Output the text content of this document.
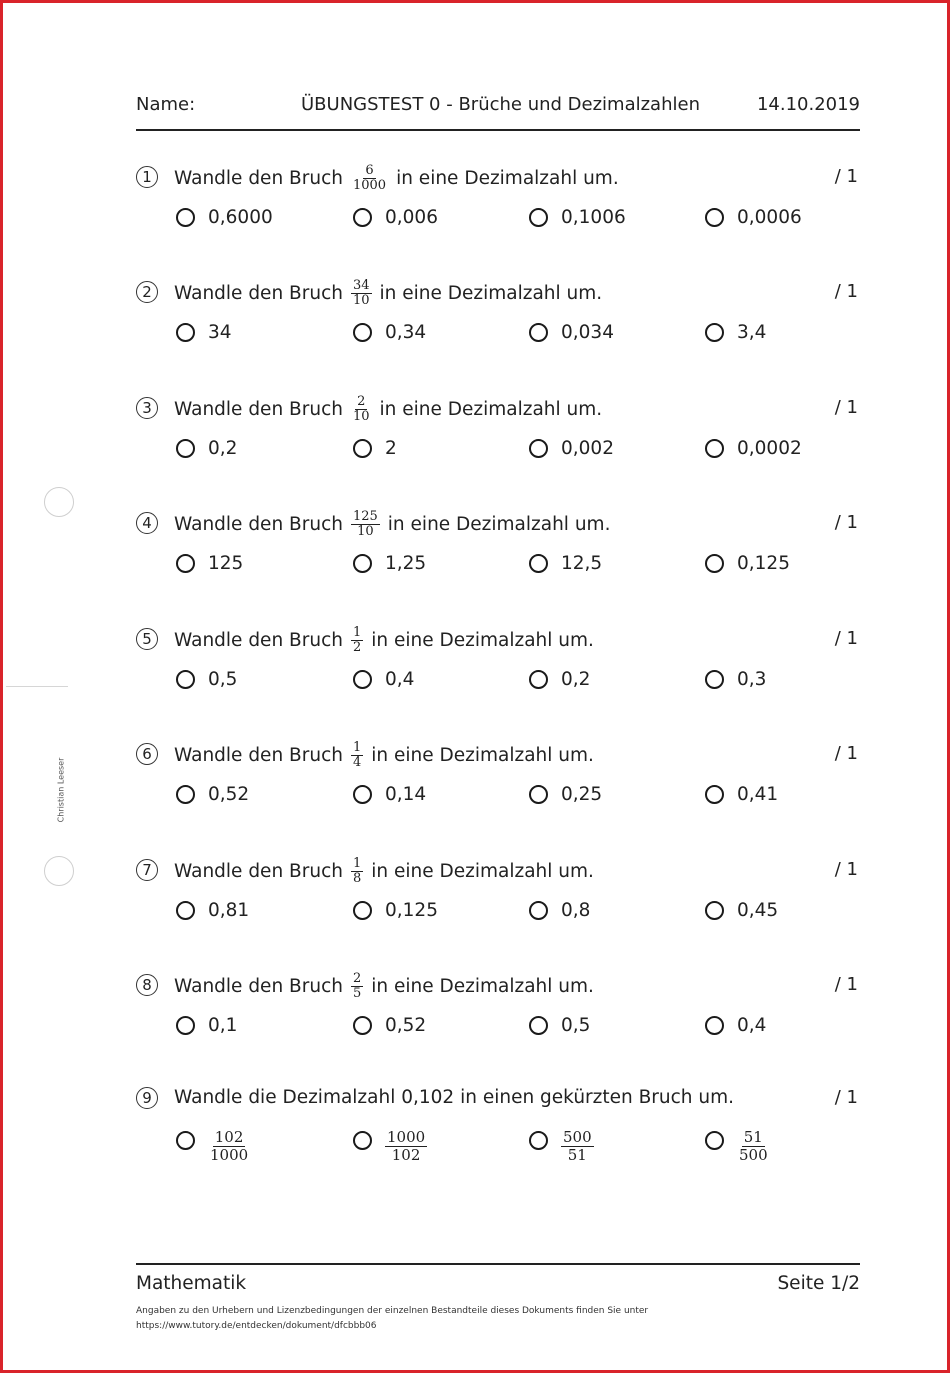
Christian Leeser
Name:	ÜBUNGSTEST 0 - Brüche und Dezimalzahlen	14.10.2019
1	Wandle den Bruch $\frac{6}{1000}$ in eine Dezimalzahl um.	/ 1
0,6000	0,006	0,1006	0,0006
2	Wandle den Bruch $\frac{34}{10}$ in eine Dezimalzahl um.	/ 1
34	0,34	0,034	3,4
3	Wandle den Bruch $\frac{2}{10}$ in eine Dezimalzahl um.	/ 1
0,2	2	0,002	0,0002
4	Wandle den Bruch $\frac{125}{10}$ in eine Dezimalzahl um.	/ 1
125	1,25	12,5	0,125
5	Wandle den Bruch $\frac{1}{2}$ in eine Dezimalzahl um.	/ 1
0,5	0,4	0,2	0,3
6	Wandle den Bruch $\frac{1}{4}$ in eine Dezimalzahl um.	/ 1
0,52	0,14	0,25	0,41
7	Wandle den Bruch $\frac{1}{8}$ in eine Dezimalzahl um.	/ 1
0,81	0,125	0,8	0,45
8	Wandle den Bruch $\frac{2}{5}$ in eine Dezimalzahl um.	/ 1
0,1	0,52	0,5	0,4
9	Wandle die Dezimalzahl 0,102 in einen gekürzten Bruch um.	/ 1
$\frac{102}{1000}$	$\frac{1000}{102}$	$\frac{500}{51}$	$\frac{51}{500}$
Mathematik	Seite 1/2
Angaben zu den Urhebern und Lizenzbedingungen der einzelnen Bestandteile dieses Dokuments finden Sie unter
https://www.tutory.de/entdecken/dokument/dfcbbb06
